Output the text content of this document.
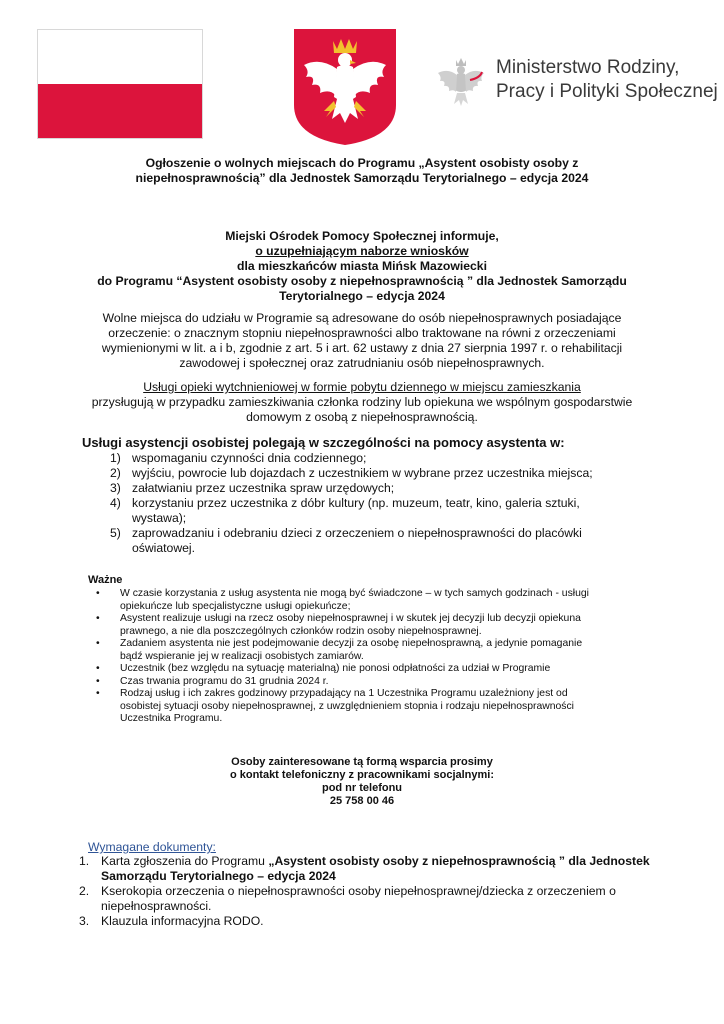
Ministerstwo Rodziny,
Pracy i Polityki Społecznej
Ogłoszenie o wolnych miejscach do Programu „Asystent osobisty osoby z
niepełnosprawnością” dla Jednostek Samorządu Terytorialnego – edycja 2024
Miejski Ośrodek Pomocy Społecznej informuje,
o uzupełniającym naborze wniosków
dla mieszkańców miasta Mińsk Mazowiecki
do Programu “Asystent osobisty osoby z niepełnosprawnością ” dla Jednostek Samorządu
Terytorialnego – edycja 2024
Wolne miejsca do udziału w Programie są adresowane do osób niepełnosprawnych posiadające
orzeczenie: o znacznym stopniu niepełnosprawności albo traktowane na równi z orzeczeniami
wymienionymi w lit. a i b, zgodnie z art. 5 i art. 62 ustawy z dnia 27 sierpnia 1997 r. o rehabilitacji
zawodowej i społecznej oraz zatrudnianiu osób niepełnosprawnych.
Usługi opieki wytchnieniowej w formie pobytu dziennego w miejscu zamieszkania
przysługują w przypadku zamieszkiwania członka rodziny lub opiekuna we wspólnym gospodarstwie
domowym z osobą z niepełnosprawnością.
Usługi asystencji osobistej polegają w szczególności na pomocy asystenta w:
1) wspomaganiu czynności dnia codziennego;
2) wyjściu, powrocie lub dojazdach z uczestnikiem w wybrane przez uczestnika miejsca;
3) załatwianiu przez uczestnika spraw urzędowych;
4) korzystaniu przez uczestnika z dóbr kultury (np. muzeum, teatr, kino, galeria sztuki,
wystawa);
5) zaprowadzaniu i odebraniu dzieci z orzeczeniem o niepełnosprawności do placówki
oświatowej.
Ważne
• W czasie korzystania z usług asystenta nie mogą być świadczone – w tych samych godzinach - usługi
opiekuńcze lub specjalistyczne usługi opiekuńcze;
• Asystent realizuje usługi na rzecz osoby niepełnosprawnej i w skutek jej decyzji lub decyzji opiekuna
prawnego, a nie dla poszczególnych członków rodzin osoby niepełnosprawnej.
• Zadaniem asystenta nie jest podejmowanie decyzji za osobę niepełnosprawną, a jedynie pomaganie
bądź wspieranie jej w realizacji osobistych zamiarów.
• Uczestnik (bez względu na sytuację materialną) nie ponosi odpłatności za udział w Programie
• Czas trwania programu do 31 grudnia 2024 r.
• Rodzaj usług i ich zakres godzinowy przypadający na 1 Uczestnika Programu uzależniony jest od
osobistej sytuacji osoby niepełnosprawnej, z uwzględnieniem stopnia i rodzaju niepełnosprawności
Uczestnika Programu.
Osoby zainteresowane tą formą wsparcia prosimy
o kontakt telefoniczny z pracownikami socjalnymi:
pod nr telefonu
25 758 00 46
Wymagane dokumenty:
1. Karta zgłoszenia do Programu „Asystent osobisty osoby z niepełnosprawnością ” dla Jednostek
Samorządu Terytorialnego – edycja 2024
2. Kserokopia orzeczenia o niepełnosprawności osoby niepełnosprawnej/dziecka z orzeczeniem o
niepełnosprawności.
3. Klauzula informacyjna RODO.
